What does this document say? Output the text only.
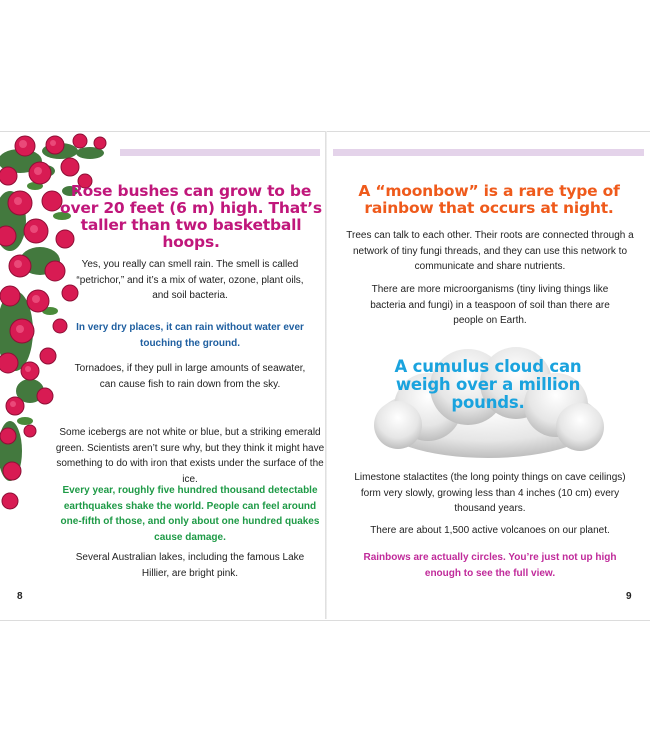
Rose bushes can grow to be over 20 feet (6 m) high. That’s taller than two basketball hoops.

Yes, you really can smell rain. The smell is called “petrichor,” and it’s a mix of water, ozone, plant oils, and soil bacteria.

In very dry places, it can rain without water ever touching the ground.

Tornadoes, if they pull in large amounts of seawater, can cause fish to rain down from the sky.

Some icebergs are not white or blue, but a striking emerald green. Scientists aren’t sure why, but they think it might have something to do with iron that exists under the surface of the ice.

Every year, roughly five hundred thousand detectable earthquakes shake the world. People can feel around one-fifth of those, and only about one hundred quakes cause damage.

Several Australian lakes, including the famous Lake Hillier, are bright pink.

8

A “moonbow” is a rare type of rainbow that occurs at night.

Trees can talk to each other. Their roots are connected through a network of tiny fungi threads, and they can use this network to communicate and share nutrients.

There are more microorganisms (tiny living things like bacteria and fungi) in a teaspoon of soil than there are people on Earth.

A cumulus cloud can weigh over a million pounds.

Limestone stalactites (the long pointy things on cave ceilings) form very slowly, growing less than 4 inches (10 cm) every thousand years.

There are about 1,500 active volcanoes on our planet.

Rainbows are actually circles. You’re just not up high enough to see the full view.

9
